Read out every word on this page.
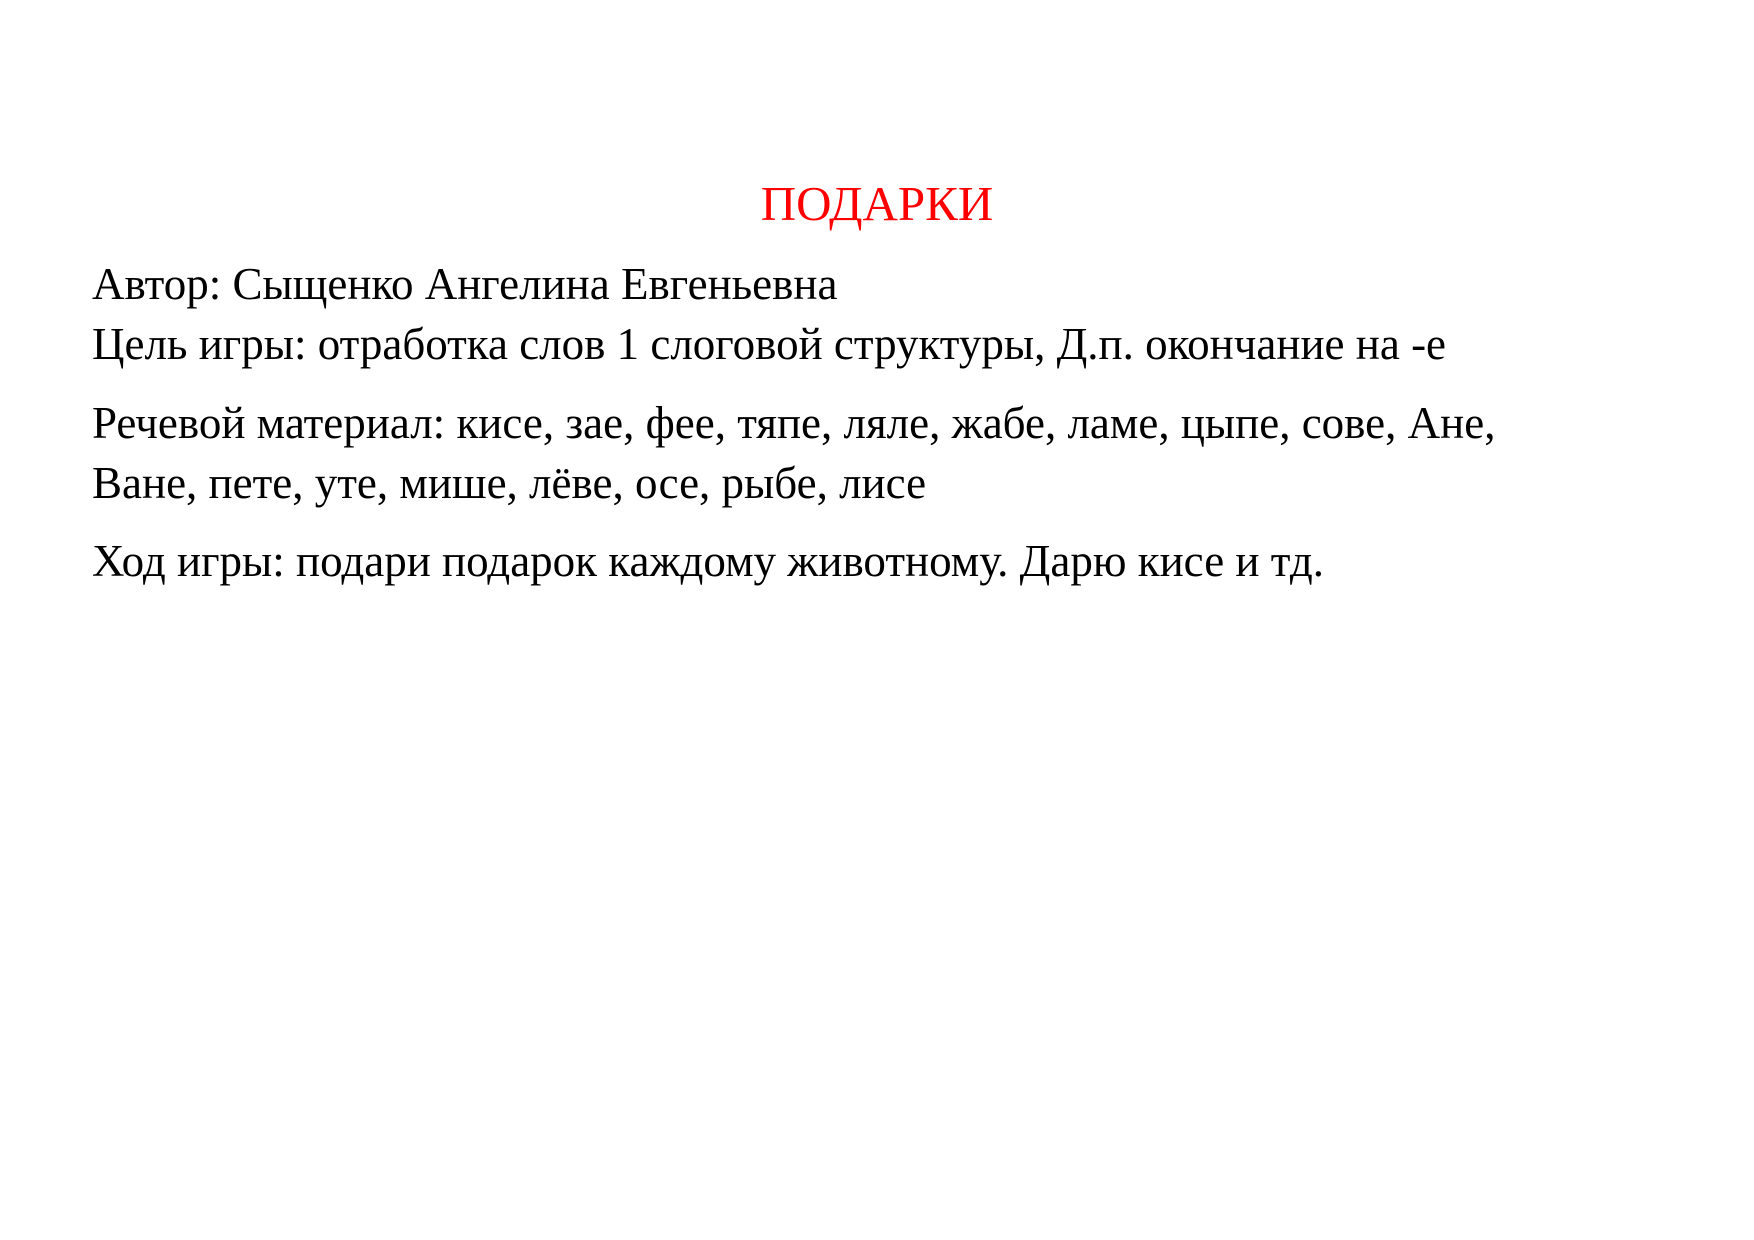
ПОДАРКИ

Автор: Сыщенко Ангелина Евгеньевна

Цель игры: отработка слов 1 слоговой структуры, Д.п. окончание на -е

Речевой материал: кисе, зае, фее, тяпе, ляле, жабе, ламе, цыпе, сове, Ане,

Ване, пете, уте, мише, лёве, осе, рыбе, лисе

Ход игры: подари подарок каждому животному. Дарю кисе и тд.
